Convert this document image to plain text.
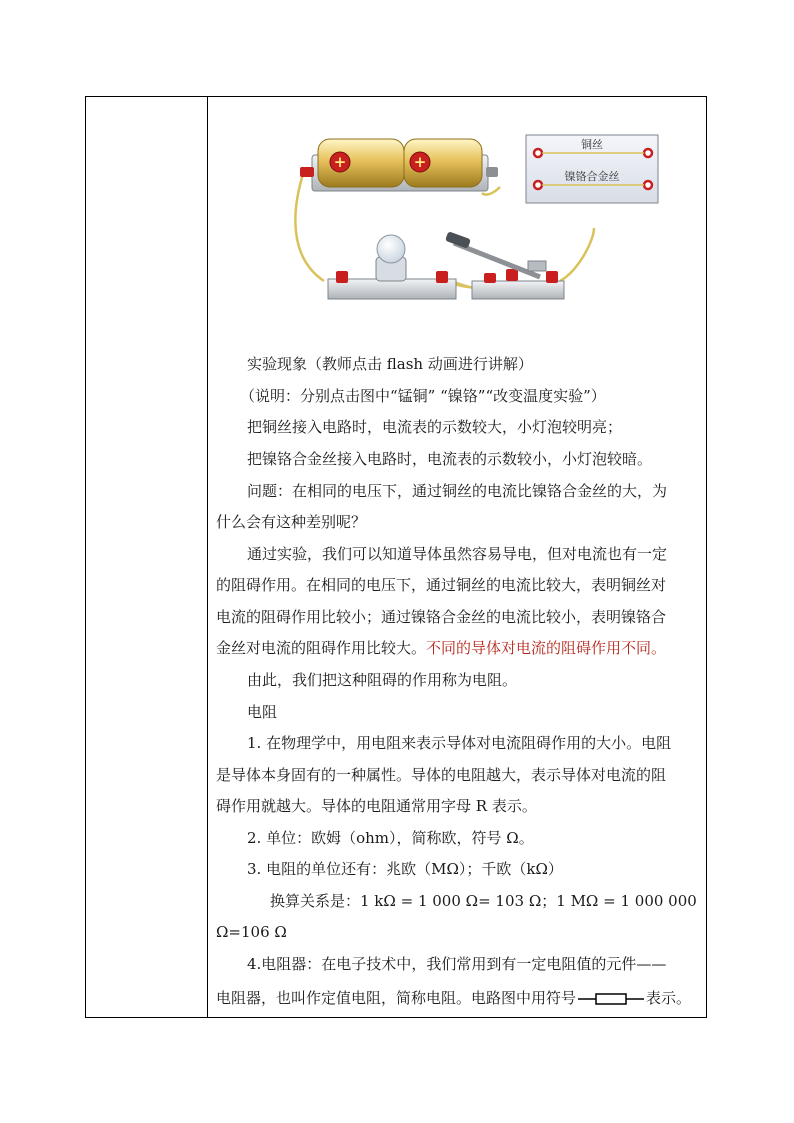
+	+
铜丝
镍铬合金丝
实验现象（教师点击 flash 动画进行讲解）
（说明：分别点击图中“锰铜” “镍铬”“改变温度实验”）
把铜丝接入电路时，电流表的示数较大，小灯泡较明亮；
把镍铬合金丝接入电路时，电流表的示数较小，小灯泡较暗。
问题：在相同的电压下，通过铜丝的电流比镍铬合金丝的大，为
什么会有这种差别呢？
通过实验，我们可以知道导体虽然容易导电，但对电流也有一定
的阻碍作用。在相同的电压下，通过铜丝的电流比较大，表明铜丝对
电流的阻碍作用比较小；通过镍铬合金丝的电流比较小，表明镍铬合
金丝对电流的阻碍作用比较大。不同的导体对电流的阻碍作用不同。
由此，我们把这种阻碍的作用称为电阻。
电阻
1. 在物理学中，用电阻来表示导体对电流阻碍作用的大小。电阻
是导体本身固有的一种属性。导体的电阻越大，表示导体对电流的阻
碍作用就越大。导体的电阻通常用字母 R 表示。
2. 单位：欧姆（ohm），简称欧，符号 Ω。
3. 电阻的单位还有：兆欧（MΩ）；千欧（kΩ）
换算关系是：1 kΩ = 1 000 Ω= 103 Ω；1 MΩ = 1 000 000
Ω=106 Ω
4.电阻器：在电子技术中，我们常用到有一定电阻值的元件——
电阻器，也叫作定值电阻，简称电阻。电路图中用符号	表示。
